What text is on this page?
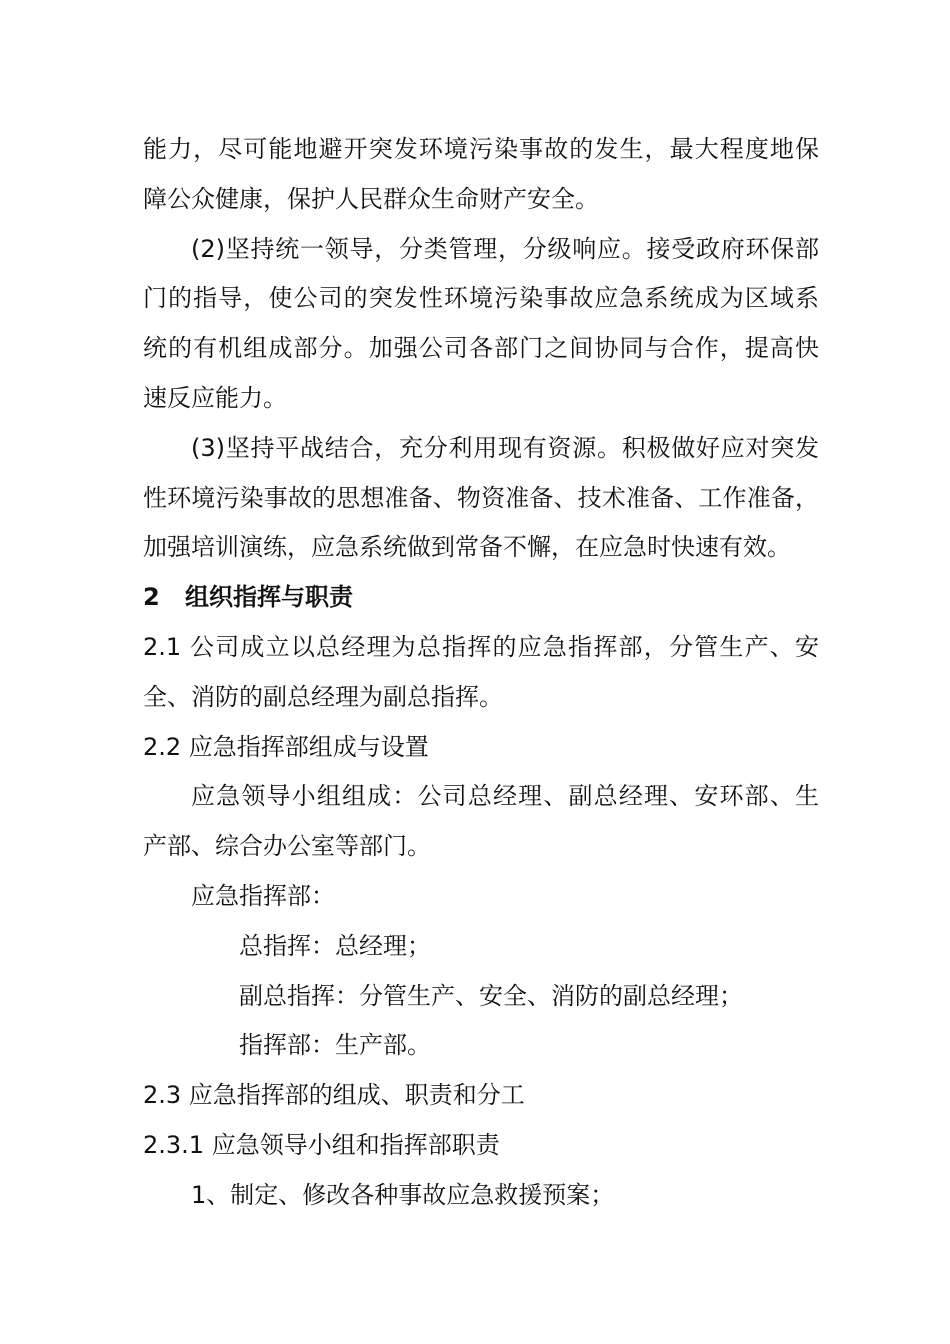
能力，尽可能地避开突发环境污染事故的发生，最大程度地保
障公众健康，保护人民群众生命财产安全。
(2)坚持统一领导，分类管理，分级响应。接受政府环保部
门的指导，使公司的突发性环境污染事故应急系统成为区域系
统的有机组成部分。加强公司各部门之间协同与合作，提高快
速反应能力。
(3)坚持平战结合，充分利用现有资源。积极做好应对突发
性环境污染事故的思想准备、物资准备、技术准备、工作准备，
加强培训演练，应急系统做到常备不懈，在应急时快速有效。
2 组织指挥与职责
2.1 公司成立以总经理为总指挥的应急指挥部，分管生产、安
全、消防的副总经理为副总指挥。
2.2 应急指挥部组成与设置
应急领导小组组成：公司总经理、副总经理、安环部、生
产部、综合办公室等部门。
应急指挥部：
总指挥：总经理；
副总指挥：分管生产、安全、消防的副总经理；
指挥部：生产部。
2.3 应急指挥部的组成、职责和分工
2.3.1 应急领导小组和指挥部职责
1、制定、修改各种事故应急救援预案；
